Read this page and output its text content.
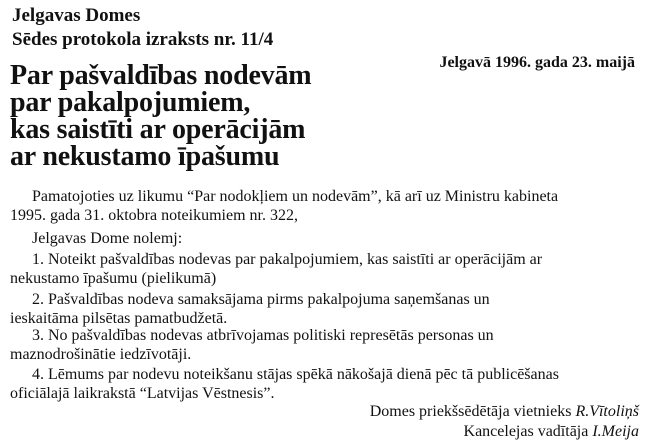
Jelgavas Domes
Sēdes protokola izraksts nr. 11/4
Jelgavā 1996. gada 23. maijā
Par pašvaldības nodevām
par pakalpojumiem,
kas saistīti ar operācijām
ar nekustamo īpašumu
Pamatojoties uz likumu “Par nodokļiem un nodevām”, kā arī uz Ministru kabineta
1995. gada 31. oktobra noteikumiem nr. 322,
Jelgavas Dome nolemj:
1. Noteikt pašvaldības nodevas par pakalpojumiem, kas saistīti ar operācijām ar
nekustamo īpašumu (pielikumā)
2. Pašvaldības nodeva samaksājama pirms pakalpojuma saņemšanas un
ieskaitāma pilsētas pamatbudžetā.
3. No pašvaldības nodevas atbrīvojamas politiski represētās personas un
maznodrošinātie iedzīvotāji.
4. Lēmums par nodevu noteikšanu stājas spēkā nākošajā dienā pēc tā publicēšanas
oficiālajā laikrakstā “Latvijas Vēstnesis”.
Domes priekšsēdētāja vietnieks R.Vītoliņš
Kancelejas vadītāja I.Meija
